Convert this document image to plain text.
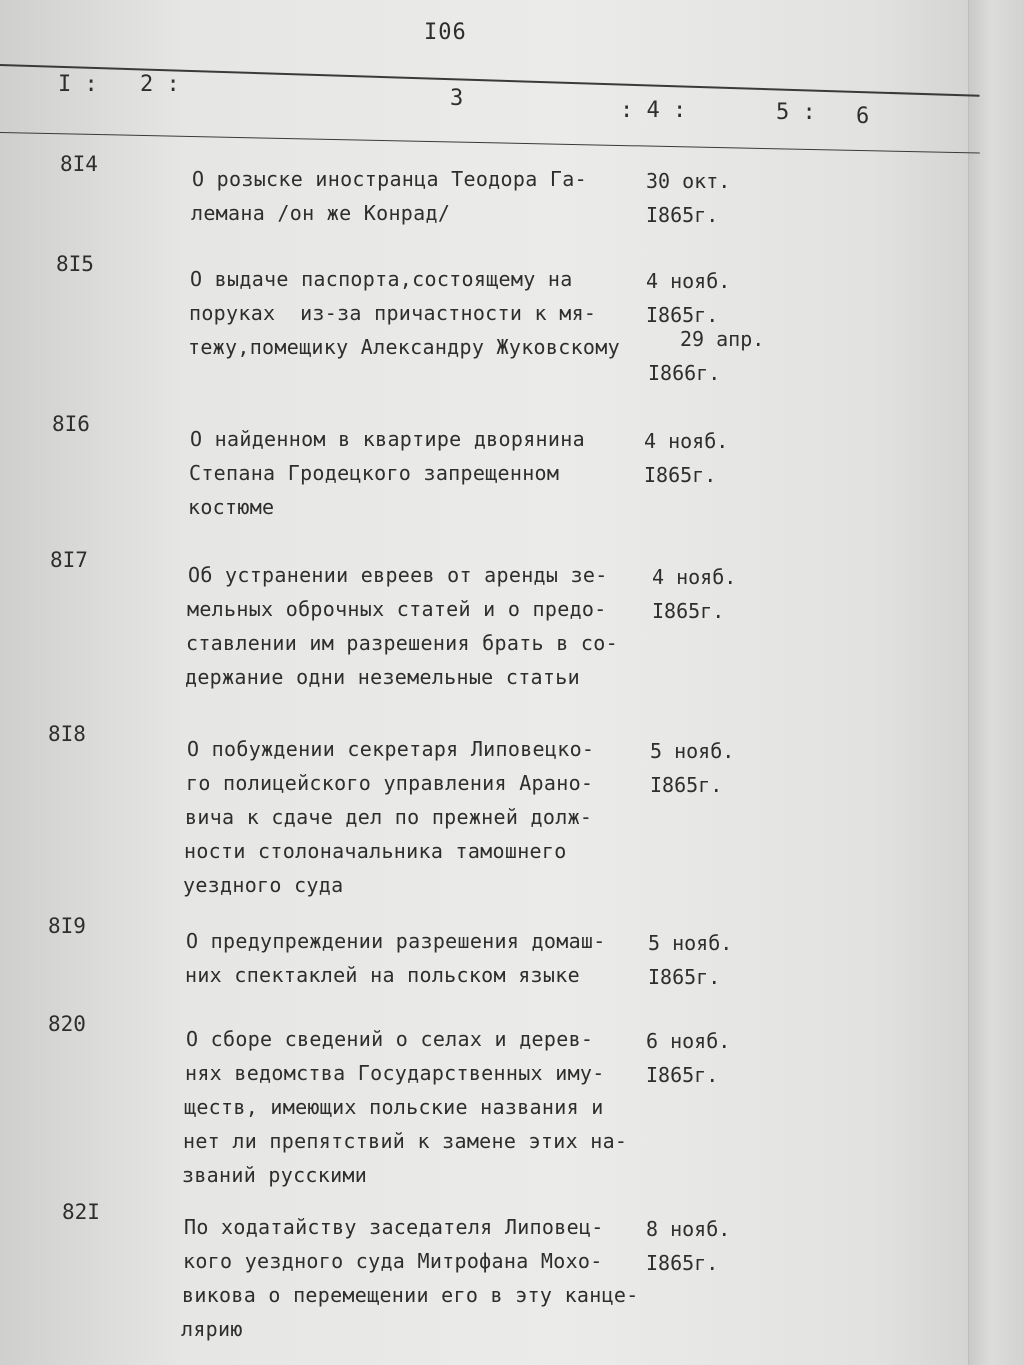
I06
I : 2 :
3	: 4 :	5 : 6
8I4
О розыске иностранца Теодора Га-
лемана /он же Конрад/
30 окт.
I865г.
8I5
О выдаче паспорта,состоящему на
поруках  из-за причастности к мя-
тежу,помещику Александру Жуковскому
4 нояб.
I865г.
29 апр.
I866г.
8I6
О найденном в квартире дворянина
Степана Гродецкого запрещенном
костюме
4 нояб.
I865г.
8I7
Об устранении евреев от аренды зе-
мельных оброчных статей и о предо-
ставлении им разрешения брать в со-
держание одни неземельные статьи
4 нояб.
I865г.
8I8
О побуждении секретаря Липовецко-
го полицейского управления Арано-
вича к сдаче дел по прежней долж-
ности столоначальника тамошнего
уездного суда
5 нояб.
I865г.
8I9
О предупреждении разрешения домаш-
них спектаклей на польском языке
5 нояб.
I865г.
820
О сборе сведений о селах и дерев-
нях ведомства Государственных иму-
ществ, имеющих польские названия и
нет ли препятствий к замене этих на-
званий русскими
6 нояб.
I865г.
82I
По ходатайству заседателя Липовец-
кого уездного суда Митрофана Мохо-
викова о перемещении его в эту канце-
лярию
8 нояб.
I865г.
